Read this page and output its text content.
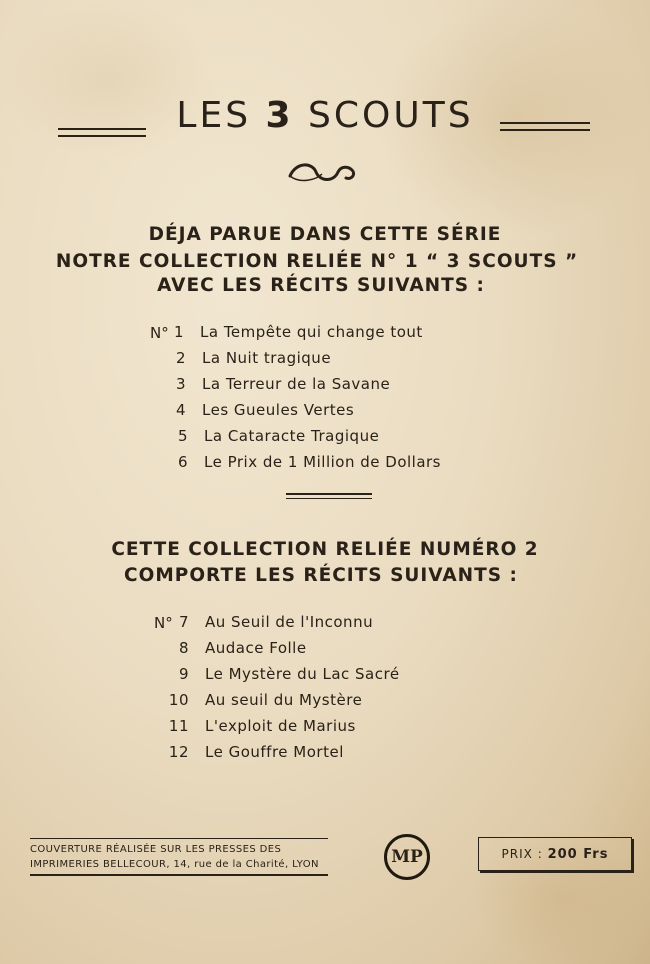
LES 3 SCOUTS
DÉJA PARUE DANS CETTE SÉRIE
NOTRE COLLECTION RELIÉE N° 1 “ 3 SCOUTS ”
AVEC LES RÉCITS SUIVANTS :
N° 1 La Tempête qui change tout
2 La Nuit tragique
3 La Terreur de la Savane
4 Les Gueules Vertes
5 La Cataracte Tragique
6 Le Prix de 1 Million de Dollars
CETTE COLLECTION RELIÉE NUMÉRO 2
COMPORTE LES RÉCITS SUIVANTS :
N° 7 Au Seuil de l'Inconnu
8 Audace Folle
9 Le Mystère du Lac Sacré
10 Au seuil du Mystère
11 L'exploit de Marius
12 Le Gouffre Mortel
COUVERTURE RÉALISÉE SUR LES PRESSES DES
IMPRIMERIES BELLECOUR, 14, rue de la Charité, LYON	MP	PRIX : 200 Frs
